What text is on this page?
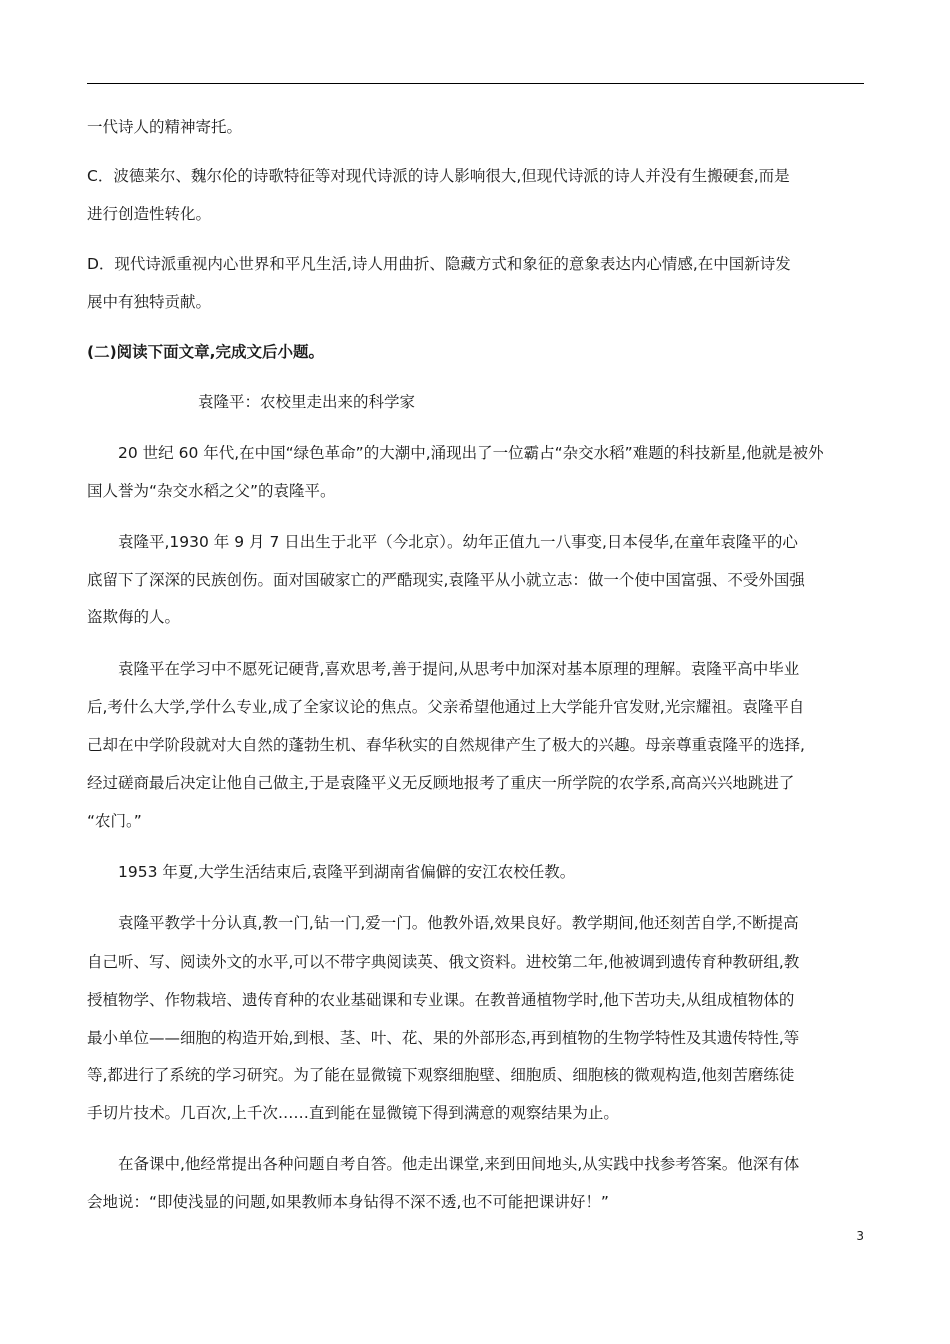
一代诗人的精神寄托。
C．波德莱尔、魏尔伦的诗歌特征等对现代诗派的诗人影响很大,但现代诗派的诗人并没有生搬硬套,而是
进行创造性转化。
D．现代诗派重视内心世界和平凡生活,诗人用曲折、隐藏方式和象征的意象表达内心情感,在中国新诗发
展中有独特贡献。
(二)阅读下面文章,完成文后小题。
袁隆平：农校里走出来的科学家
20 世纪 60 年代,在中国“绿色革命”的大潮中,涌现出了一位霸占“杂交水稻”难题的科技新星,他就是被外
国人誉为“杂交水稻之父”的袁隆平。
袁隆平,1930 年 9 月 7 日出生于北平（今北京）。幼年正值九一八事变,日本侵华,在童年袁隆平的心
底留下了深深的民族创伤。面对国破家亡的严酷现实,袁隆平从小就立志：做一个使中国富强、不受外国强
盗欺侮的人。
袁隆平在学习中不愿死记硬背,喜欢思考,善于提问,从思考中加深对基本原理的理解。袁隆平高中毕业
后,考什么大学,学什么专业,成了全家议论的焦点。父亲希望他通过上大学能升官发财,光宗耀祖。袁隆平自
己却在中学阶段就对大自然的蓬勃生机、春华秋实的自然规律产生了极大的兴趣。母亲尊重袁隆平的选择,
经过磋商最后决定让他自己做主,于是袁隆平义无反顾地报考了重庆一所学院的农学系,高高兴兴地跳进了
“农门。”
1953 年夏,大学生活结束后,袁隆平到湖南省偏僻的安江农校任教。
袁隆平教学十分认真,教一门,钻一门,爱一门。他教外语,效果良好。教学期间,他还刻苦自学,不断提高
自己听、写、阅读外文的水平,可以不带字典阅读英、俄文资料。进校第二年,他被调到遗传育种教研组,教
授植物学、作物栽培、遗传育种的农业基础课和专业课。在教普通植物学时,他下苦功夫,从组成植物体的
最小单位——细胞的构造开始,到根、茎、叶、花、果的外部形态,再到植物的生物学特性及其遗传特性,等
等,都进行了系统的学习研究。为了能在显微镜下观察细胞壁、细胞质、细胞核的微观构造,他刻苦磨练徒
手切片技术。几百次,上千次……直到能在显微镜下得到满意的观察结果为止。
在备课中,他经常提出各种问题自考自答。他走出课堂,来到田间地头,从实践中找参考答案。他深有体
会地说：“即使浅显的问题,如果教师本身钻得不深不透,也不可能把课讲好！”
3
